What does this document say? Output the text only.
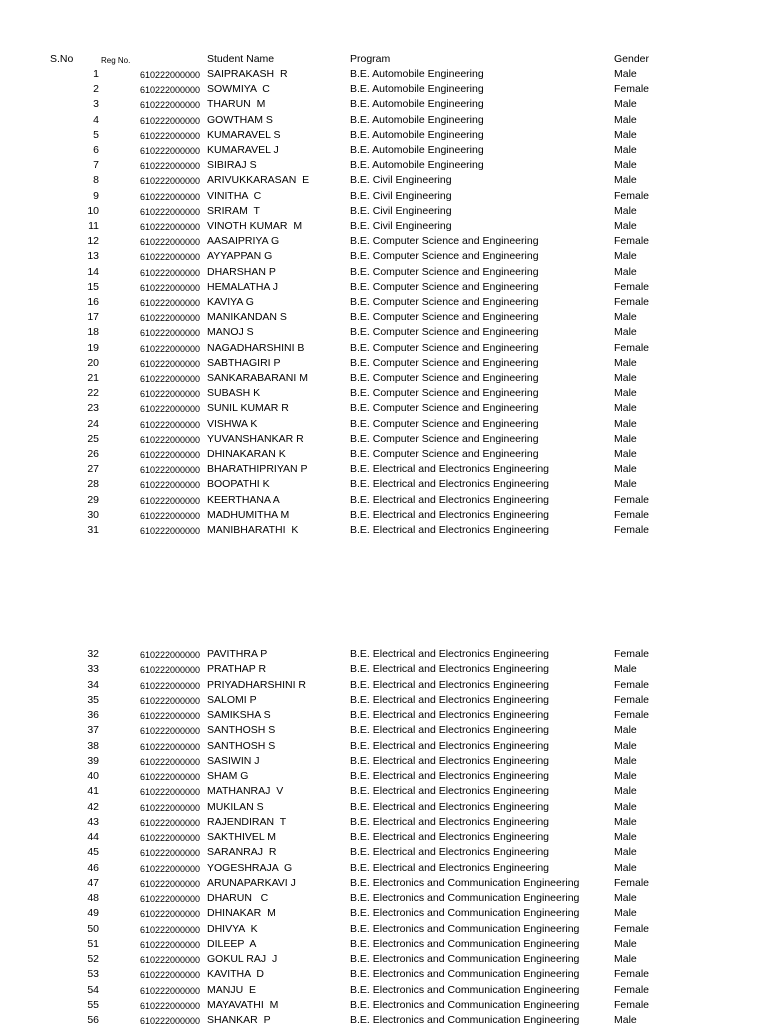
S.No	Reg No.	Student Name	Program	Gender
1	610222000000 SAIPRAKASH  R	B.E. Automobile Engineering	Male
2	610222000000 SOWMIYA  C	B.E. Automobile Engineering	Female
3	610222000000 THARUN  M	B.E. Automobile Engineering	Male
4	610222000000 GOWTHAM S	B.E. Automobile Engineering	Male
5	610222000000 KUMARAVEL S	B.E. Automobile Engineering	Male
6	610222000000 KUMARAVEL J	B.E. Automobile Engineering	Male
7	610222000000 SIBIRAJ S	B.E. Automobile Engineering	Male
8	610222000000 ARIVUKKARASAN  E	B.E. Civil Engineering	Male
9	610222000000 VINITHA  C	B.E. Civil Engineering	Female
10	610222000000 SRIRAM  T	B.E. Civil Engineering	Male
11	610222000000 VINOTH KUMAR  M	B.E. Civil Engineering	Male
12	610222000000 AASAIPRIYA G	B.E. Computer Science and Engineering	Female
13	610222000000 AYYAPPAN G	B.E. Computer Science and Engineering	Male
14	610222000000 DHARSHAN P	B.E. Computer Science and Engineering	Male
15	610222000000 HEMALATHA J	B.E. Computer Science and Engineering	Female
16	610222000000 KAVIYA G	B.E. Computer Science and Engineering	Female
17	610222000000 MANIKANDAN S	B.E. Computer Science and Engineering	Male
18	610222000000 MANOJ S	B.E. Computer Science and Engineering	Male
19	610222000000 NAGADHARSHINI B	B.E. Computer Science and Engineering	Female
20	610222000000 SABTHAGIRI P	B.E. Computer Science and Engineering	Male
21	610222000000 SANKARABARANI M	B.E. Computer Science and Engineering	Male
22	610222000000 SUBASH K	B.E. Computer Science and Engineering	Male
23	610222000000 SUNIL KUMAR R	B.E. Computer Science and Engineering	Male
24	610222000000 VISHWA K	B.E. Computer Science and Engineering	Male
25	610222000000 YUVANSHANKAR R	B.E. Computer Science and Engineering	Male
26	610222000000 DHINAKARAN K	B.E. Computer Science and Engineering	Male
27	610222000000 BHARATHIPRIYAN P	B.E. Electrical and Electronics Engineering	Male
28	610222000000 BOOPATHI K	B.E. Electrical and Electronics Engineering	Male
29	610222000000 KEERTHANA A	B.E. Electrical and Electronics Engineering	Female
30	610222000000 MADHUMITHA M	B.E. Electrical and Electronics Engineering	Female
31	610222000000 MANIBHARATHI  K	B.E. Electrical and Electronics Engineering	Female
32	610222000000 PAVITHRA P	B.E. Electrical and Electronics Engineering	Female
33	610222000000 PRATHAP R	B.E. Electrical and Electronics Engineering	Male
34	610222000000 PRIYADHARSHINI R	B.E. Electrical and Electronics Engineering	Female
35	610222000000 SALOMI P	B.E. Electrical and Electronics Engineering	Female
36	610222000000 SAMIKSHA S	B.E. Electrical and Electronics Engineering	Female
37	610222000000 SANTHOSH S	B.E. Electrical and Electronics Engineering	Male
38	610222000000 SANTHOSH S	B.E. Electrical and Electronics Engineering	Male
39	610222000000 SASIWIN J	B.E. Electrical and Electronics Engineering	Male
40	610222000000 SHAM G	B.E. Electrical and Electronics Engineering	Male
41	610222000000 MATHANRAJ  V	B.E. Electrical and Electronics Engineering	Male
42	610222000000 MUKILAN S	B.E. Electrical and Electronics Engineering	Male
43	610222000000 RAJENDIRAN  T	B.E. Electrical and Electronics Engineering	Male
44	610222000000 SAKTHIVEL M	B.E. Electrical and Electronics Engineering	Male
45	610222000000 SARANRAJ  R	B.E. Electrical and Electronics Engineering	Male
46	610222000000 YOGESHRAJA  G	B.E. Electrical and Electronics Engineering	Male
47	610222000000 ARUNAPARKAVI J	B.E. Electronics and Communication Engineering	Female
48	610222000000 DHARUN   C	B.E. Electronics and Communication Engineering	Male
49	610222000000 DHINAKAR  M	B.E. Electronics and Communication Engineering	Male
50	610222000000 DHIVYA  K	B.E. Electronics and Communication Engineering	Female
51	610222000000 DILEEP  A	B.E. Electronics and Communication Engineering	Male
52	610222000000 GOKUL RAJ  J	B.E. Electronics and Communication Engineering	Male
53	610222000000 KAVITHA  D	B.E. Electronics and Communication Engineering	Female
54	610222000000 MANJU  E	B.E. Electronics and Communication Engineering	Female
55	610222000000 MAYAVATHI  M	B.E. Electronics and Communication Engineering	Female
56	610222000000 SHANKAR  P	B.E. Electronics and Communication Engineering	Male
